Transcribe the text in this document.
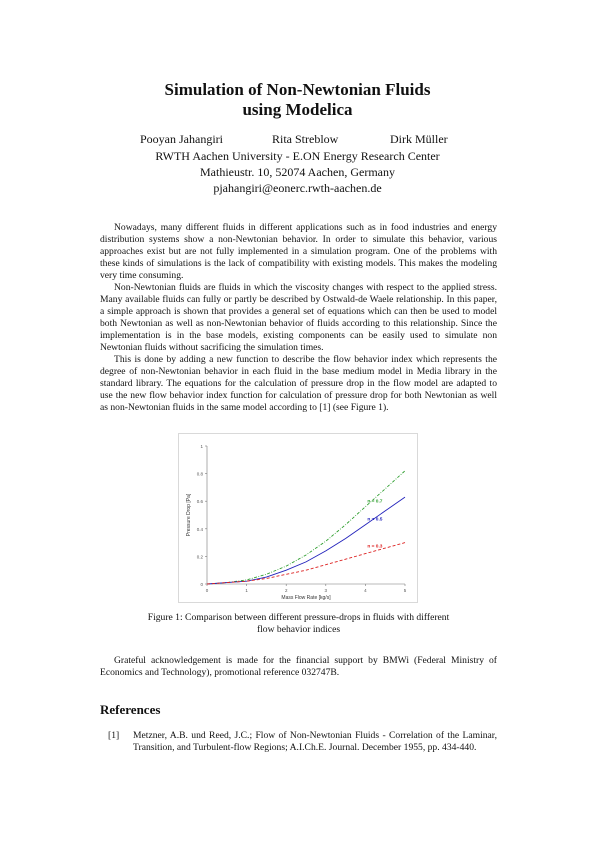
Simulation of Non-Newtonian Fluids
using Modelica
Pooyan Jahangiri	Rita Streblow	Dirk Müller
RWTH Aachen University - E.ON Energy Research Center
Mathieustr. 10, 52074 Aachen, Germany
pjahangiri@eonerc.rwth-aachen.de

Nowadays, many different fluids in different applications such as in food industries and energy distribution systems show a non-Newtonian behavior. In order to simulate this behavior, various approaches exist but are not fully implemented in a simulation program. One of the problems with these kinds of simulations is the lack of compatibility with existing models. This makes the modeling very time consuming.

Non-Newtonian fluids are fluids in which the viscosity changes with respect to the applied stress. Many available fluids can fully or partly be described by Ostwald-de Waele relationship. In this paper, a simple approach is shown that provides a general set of equations which can then be used to model both Newtonian as well as non-Newtonian behavior of fluids according to this relationship. Since the implementation is in the base models, existing components can be easily used to simulate non Newtonian fluids without sacrificing the simulation times.

This is done by adding a new function to describe the flow behavior index which represents the degree of non-Newtonian behavior in each fluid in the base medium model in Media library in the standard library. The equations for the calculation of pressure drop in the flow model are adapted to use the new flow behavior index function for calculation of pressure drop for both Newtonian as well as non-Newtonian fluids in the same model according to [1] (see Figure 1).

0
0.2
0.4
0.6
0.8
1
0	1	2	3	4	5
Mass Flow Rate [kg/s]
Pressure Drop [Pa]	n = 0.7
n = 0.5
n = 0.3
Figure 1: Comparison between different pressure-drops in fluids with different
flow behavior indices
Grateful acknowledgement is made for the financial support by BMWi (Federal Ministry of Economics and Technology), promotional reference 032747B.
References
[1] Metzner, A.B. und Reed, J.C.; Flow of Non-Newtonian Fluids - Correlation of the Laminar, Transition, and Turbulent-flow Regions; A.I.Ch.E. Journal. December 1955, pp. 434-440.
